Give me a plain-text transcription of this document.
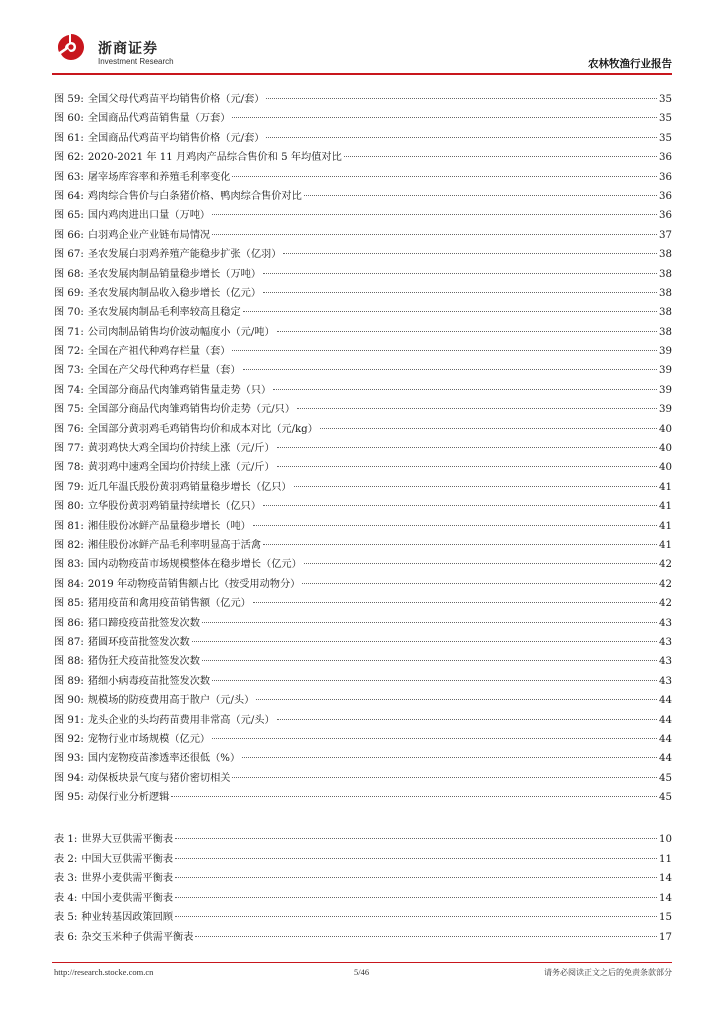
浙商证券
Investment Research	农林牧渔行业报告
图 59: 全国父母代鸡苗平均销售价格（元/套）	35
图 60: 全国商品代鸡苗销售量（万套）	35
图 61: 全国商品代鸡苗平均销售价格（元/套）	35
图 62: 2020-2021 年 11 月鸡肉产品综合售价和 5 年均值对比	36
图 63: 屠宰场库容率和养殖毛利率变化	36
图 64: 鸡肉综合售价与白条猪价格、鸭肉综合售价对比	36
图 65: 国内鸡肉进出口量（万吨）	36
图 66: 白羽鸡企业产业链布局情况	37
图 67: 圣农发展白羽鸡养殖产能稳步扩张（亿羽）	38
图 68: 圣农发展肉制品销量稳步增长（万吨）	38
图 69: 圣农发展肉制品收入稳步增长（亿元）	38
图 70: 圣农发展肉制品毛利率较高且稳定	38
图 71: 公司肉制品销售均价波动幅度小（元/吨）	38
图 72: 全国在产祖代种鸡存栏量（套）	39
图 73: 全国在产父母代种鸡存栏量（套）	39
图 74: 全国部分商品代肉雏鸡销售量走势（只）	39
图 75: 全国部分商品代肉雏鸡销售均价走势（元/只）	39
图 76: 全国部分黄羽鸡毛鸡销售均价和成本对比（元/kg）	40
图 77: 黄羽鸡快大鸡全国均价持续上涨（元/斤）	40
图 78: 黄羽鸡中速鸡全国均价持续上涨（元/斤）	40
图 79: 近几年温氏股份黄羽鸡销量稳步增长（亿只）	41
图 80: 立华股份黄羽鸡销量持续增长（亿只）	41
图 81: 湘佳股份冰鲜产品量稳步增长（吨）	41
图 82: 湘佳股份冰鲜产品毛利率明显高于活禽	41
图 83: 国内动物疫苗市场规模整体在稳步增长（亿元）	42
图 84: 2019 年动物疫苗销售额占比（按受用动物分）	42
图 85: 猪用疫苗和禽用疫苗销售额（亿元）	42
图 86: 猪口蹄疫疫苗批签发次数	43
图 87: 猪圆环疫苗批签发次数	43
图 88: 猪伪狂犬疫苗批签发次数	43
图 89: 猪细小病毒疫苗批签发次数	43
图 90: 规模场的防疫费用高于散户（元/头）	44
图 91: 龙头企业的头均药苗费用非常高（元/头）	44
图 92: 宠物行业市场规模（亿元）	44
图 93: 国内宠物疫苗渗透率还很低（%）	44
图 94: 动保板块景气度与猪价密切相关	45
图 95: 动保行业分析逻辑	45
表 1: 世界大豆供需平衡表	10
表 2: 中国大豆供需平衡表	11
表 3: 世界小麦供需平衡表	14
表 4: 中国小麦供需平衡表	14
表 5: 种业转基因政策回顾	15
表 6: 杂交玉米种子供需平衡表	17
http://research.stocke.com.cn	5/46	请务必阅读正文之后的免责条款部分
